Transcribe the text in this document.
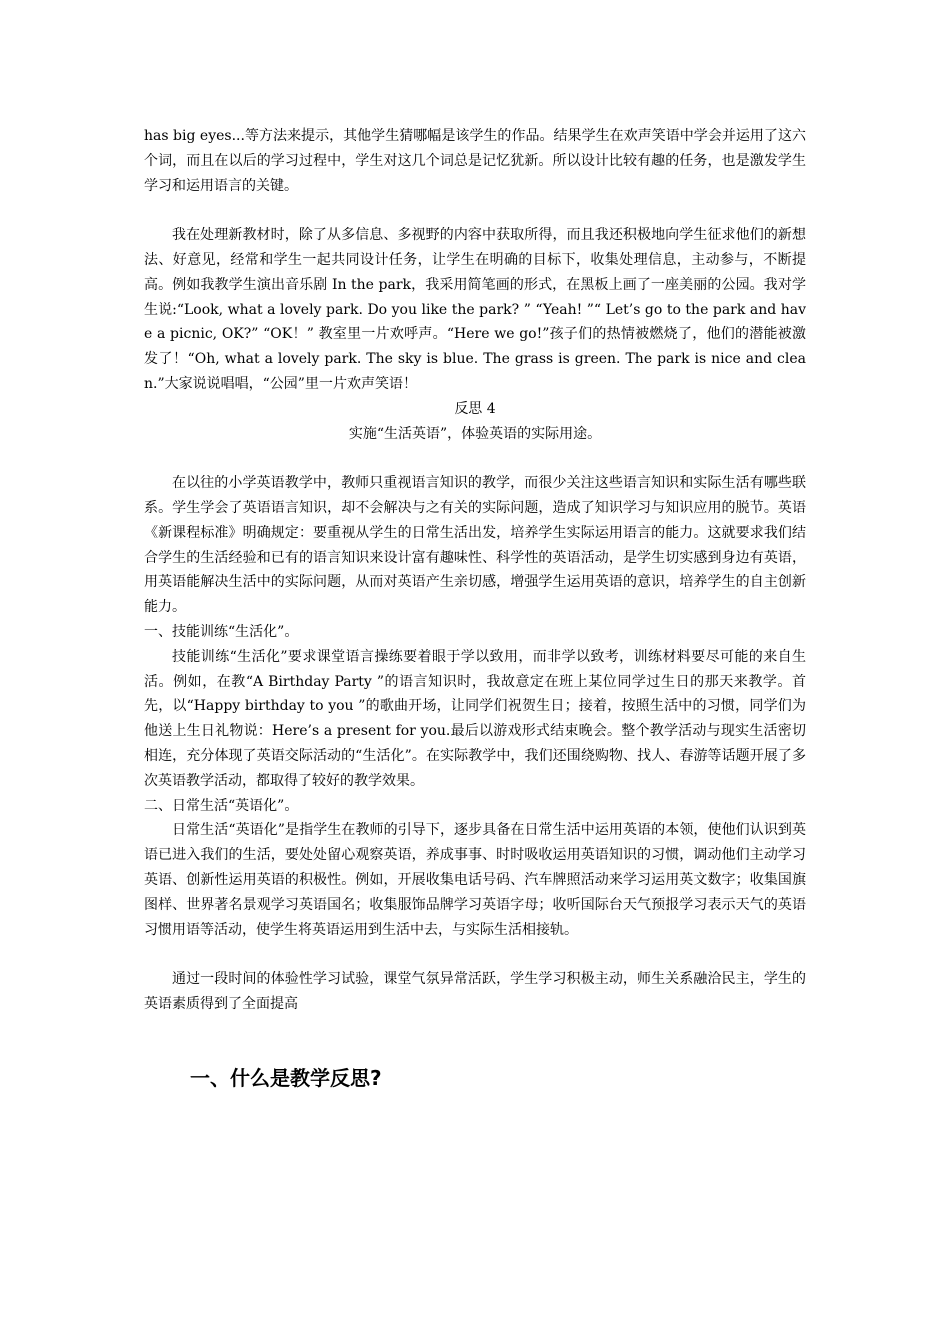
has big eyes...等方法来提示，其他学生猜哪幅是该学生的作品。结果学生在欢声笑语中学会并运用了这六个词，而且在以后的学习过程中，学生对这几个词总是记忆犹新。所以设计比较有趣的任务，也是激发学生学习和运用语言的关键。

我在处理新教材时，除了从多信息、多视野的内容中获取所得，而且我还积极地向学生征求他们的新想法、好意见，经常和学生一起共同设计任务，让学生在明确的目标下，收集处理信息，主动参与，不断提高。例如我教学生演出音乐剧 In the park，我采用简笔画的形式，在黑板上画了一座美丽的公园。我对学生说:“Look, what a lovely park. Do you like the park? ” “Yeah! ”“ Let’s go to the park and have a picnic, OK?” “OK！” 教室里一片欢呼声。“Here we go!”孩子们的热情被燃烧了，他们的潜能被激发了！“Oh, what a lovely park. The sky is blue. The grass is green. The park is nice and clean.”大家说说唱唱，“公园”里一片欢声笑语！

反思 4

实施“生活英语”，体验英语的实际用途。

在以往的小学英语教学中，教师只重视语言知识的教学，而很少关注这些语言知识和实际生活有哪些联系。学生学会了英语语言知识，却不会解决与之有关的实际问题，造成了知识学习与知识应用的脱节。英语《新课程标准》明确规定：要重视从学生的日常生活出发，培养学生实际运用语言的能力。这就要求我们结合学生的生活经验和已有的语言知识来设计富有趣味性、科学性的英语活动，是学生切实感到身边有英语，用英语能解决生活中的实际问题，从而对英语产生亲切感，增强学生运用英语的意识，培养学生的自主创新能力。

一、技能训练“生活化”。

技能训练“生活化”要求课堂语言操练要着眼于学以致用，而非学以致考，训练材料要尽可能的来自生活。例如，在教“A Birthday Party ”的语言知识时，我故意定在班上某位同学过生日的那天来教学。首先，以“Happy birthday to you ”的歌曲开场，让同学们祝贺生日；接着，按照生活中的习惯，同学们为他送上生日礼物说：Here’s a present for you.最后以游戏形式结束晚会。整个教学活动与现实生活密切相连，充分体现了英语交际活动的“生活化”。在实际教学中，我们还围绕购物、找人、春游等话题开展了多次英语教学活动，都取得了较好的教学效果。

二、日常生活“英语化”。

日常生活“英语化”是指学生在教师的引导下，逐步具备在日常生活中运用英语的本领，使他们认识到英语已进入我们的生活，要处处留心观察英语，养成事事、时时吸收运用英语知识的习惯，调动他们主动学习英语、创新性运用英语的积极性。例如，开展收集电话号码、汽车牌照活动来学习运用英文数字；收集国旗图样、世界著名景观学习英语国名；收集服饰品牌学习英语字母；收听国际台天气预报学习表示天气的英语习惯用语等活动，使学生将英语运用到生活中去，与实际生活相接轨。

通过一段时间的体验性学习试验，课堂气氛异常活跃，学生学习积极主动，师生关系融洽民主，学生的英语素质得到了全面提高

一、什么是教学反思?
